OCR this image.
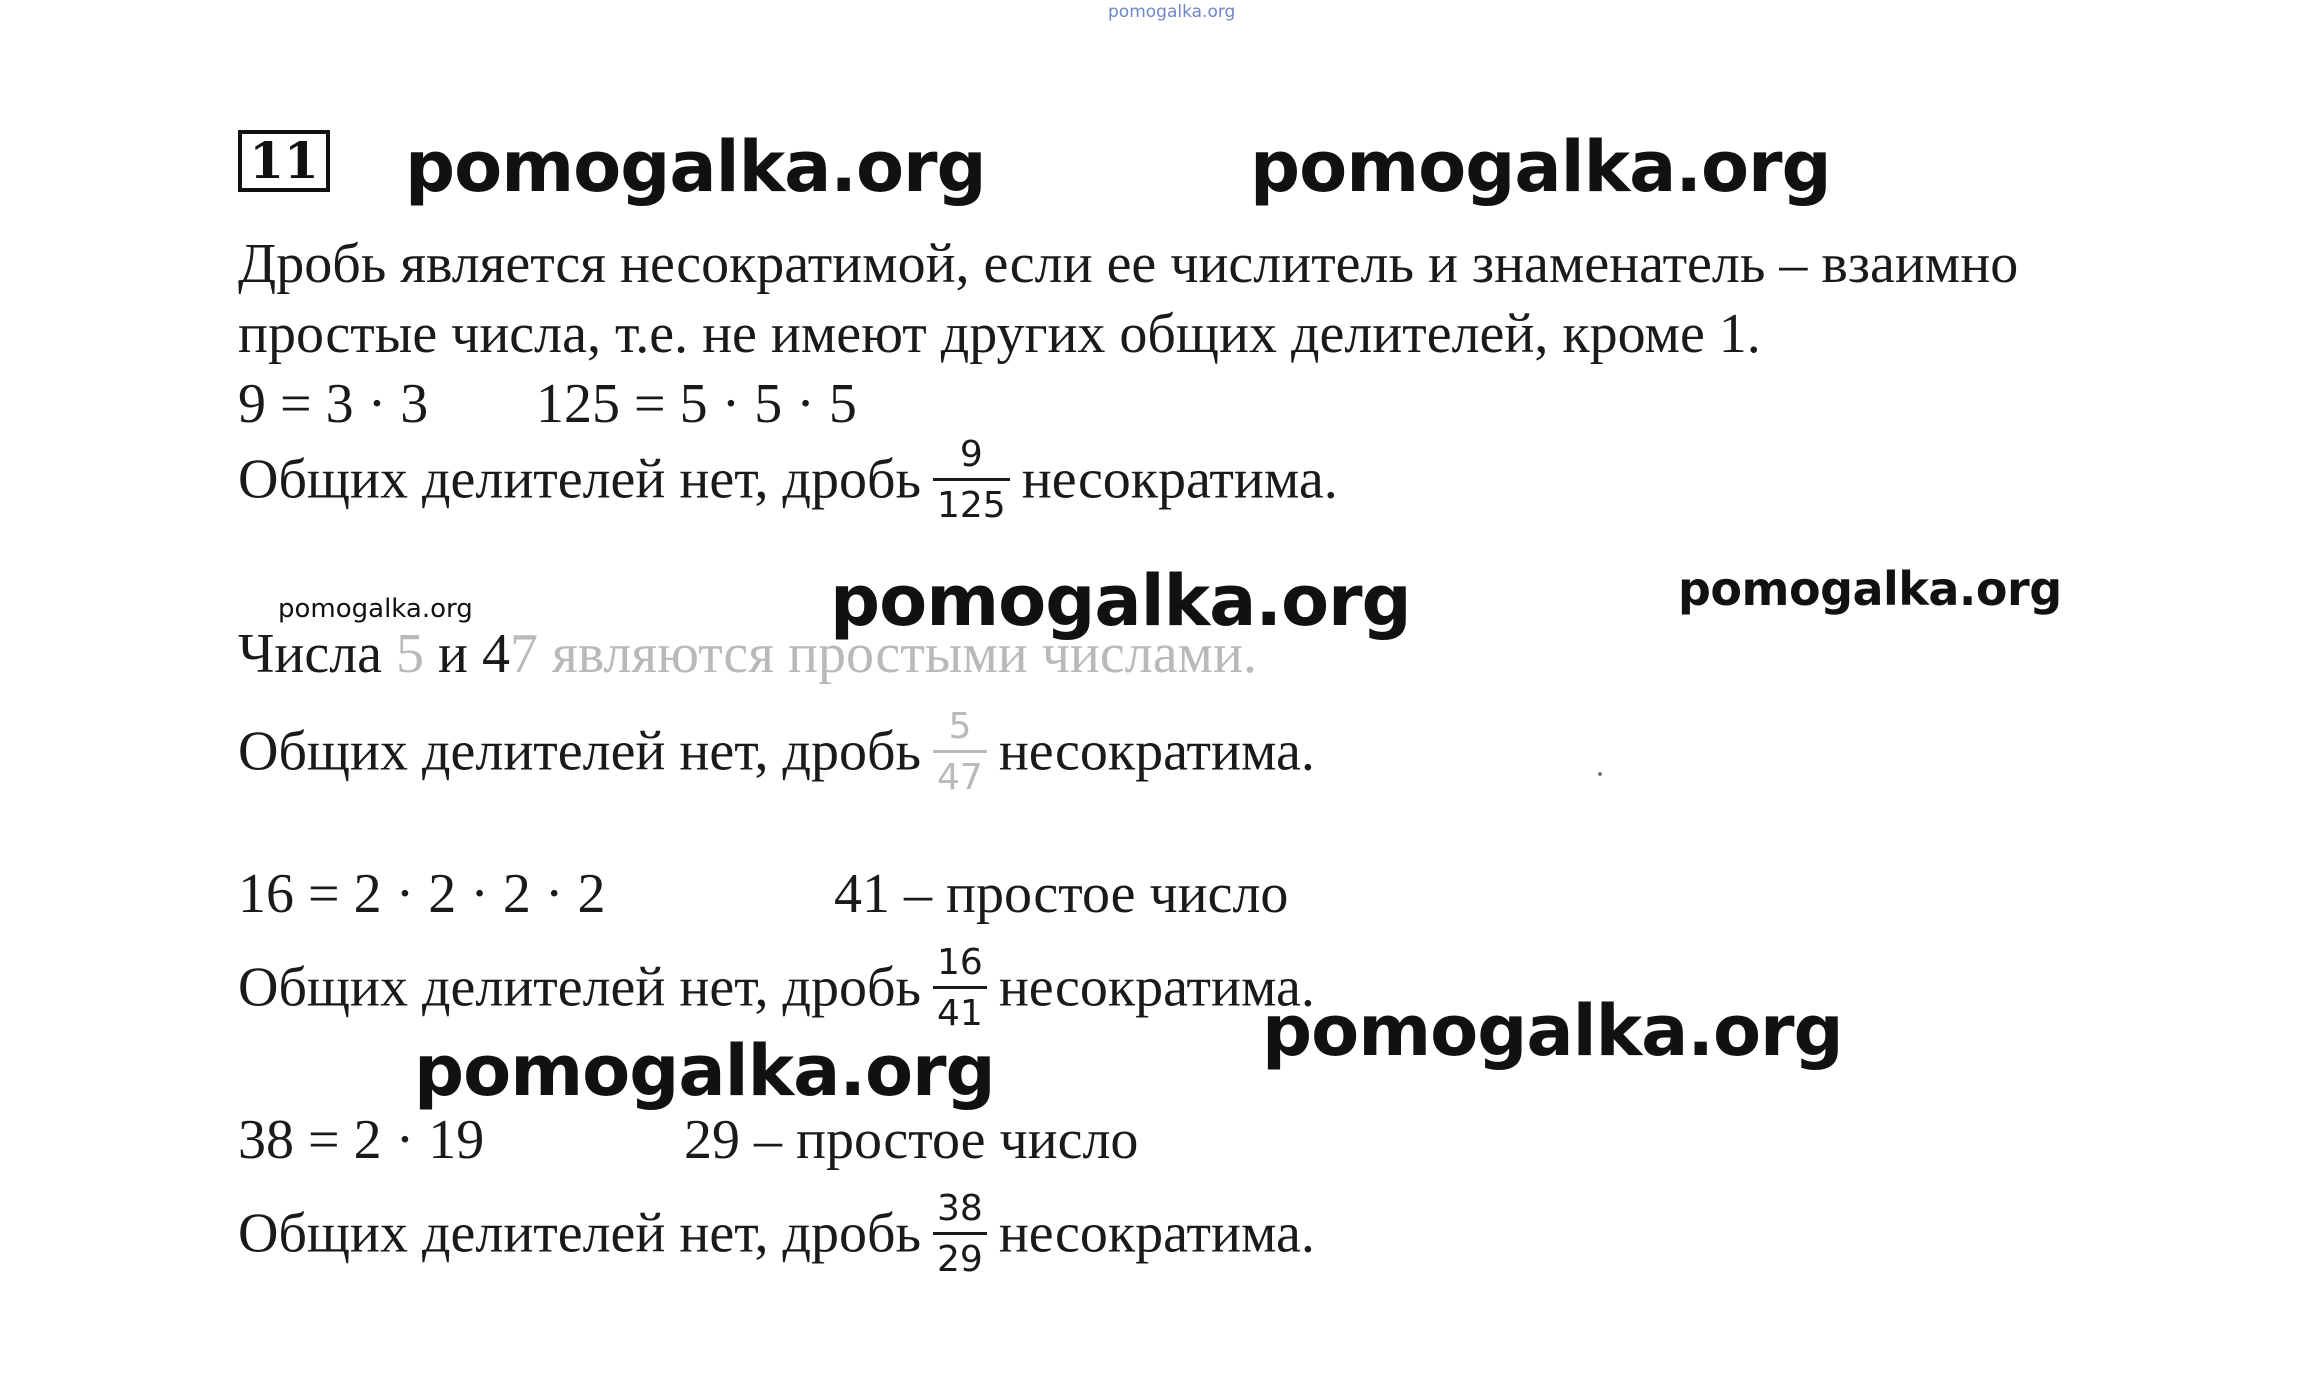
pomogalka.org
11 pomogalka.org	pomogalka.org
Дробь является несократимой, если ее числитель и знаменатель – взаимно
простые числа, т.е. не имеют других общих делителей, кроме 1.
9 = 3 · 3 125 = 5 · 5 · 5
Общих делителей нет, дробь $\frac{9}{125}$ несократима.
pomogalka.org	pomogalka.org
pomogalka.org
Числа 5 и 47 являются простыми числами.
Общих делителей нет, дробь $\frac{5}{47}$ несократима.
16 = 2 · 2 · 2 · 2	41 – простое число
Общих делителей нет, дробь $\frac{16}{41}$ несократима.
pomogalka.org
pomogalka.org
38 = 2 · 19	29 – простое число
Общих делителей нет, дробь $\frac{38}{29}$ несократима.
